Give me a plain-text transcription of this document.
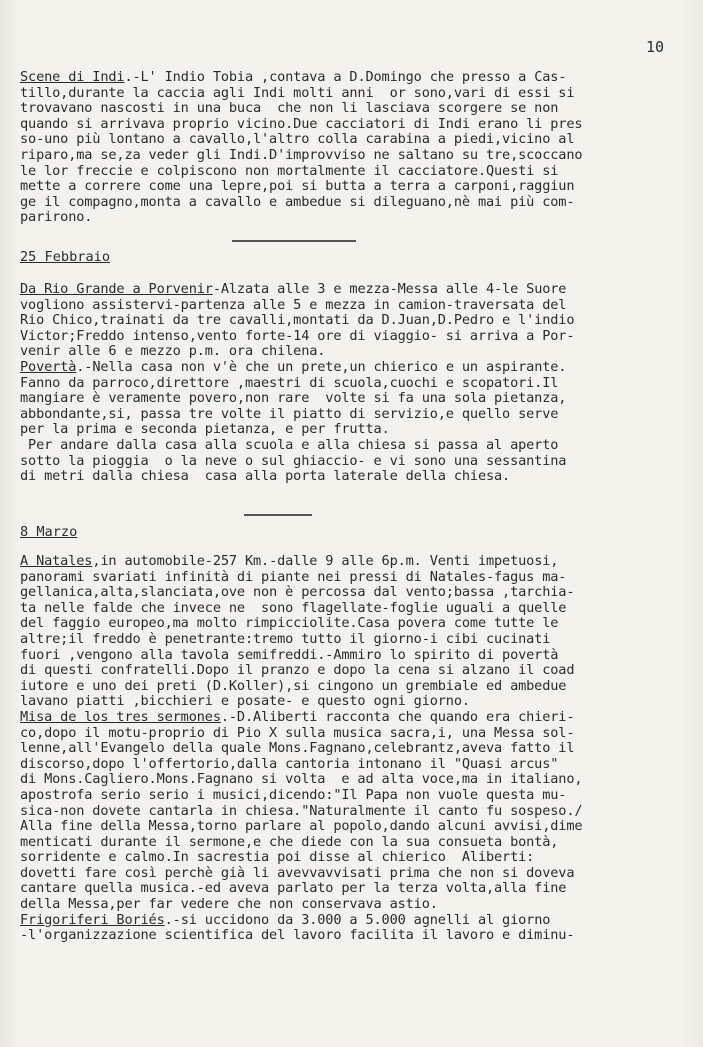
10
Scene di Indi.-L' Indio Tobia ,contava a D.Domingo che presso a Cas-
tillo,durante la caccia agli Indi molti anni  or sono,vari di essi si
trovavano nascosti in una buca  che non li lasciava scorgere se non
quando si arrivava proprio vicino.Due cacciatori di Indi erano li pres
so-uno più lontano a cavallo,l'altro colla carabina a piedi,vicino al
riparo,ma se,za veder gli Indi.D'improvviso ne saltano su tre,scoccano
le lor freccie e colpiscono non mortalmente il cacciatore.Questi si
mette a correre come una lepre,poi si butta a terra a carponi,raggiun
ge il compagno,monta a cavallo e ambedue si dileguano,nè mai più com-
parirono.
25 Febbraio
Da Rio Grande a Porvenir-Alzata alle 3 e mezza-Messa alle 4-le Suore
vogliono assistervi-partenza alle 5 e mezza in camion-traversata del
Rio Chico,trainati da tre cavalli,montati da D.Juan,D.Pedro e l'indio
Victor;Freddo intenso,vento forte-14 ore di viaggio- si arriva a Por-
venir alle 6 e mezzo p.m. ora chilena.
Povertà.-Nella casa non v'è che un prete,un chierico e un aspirante.
Fanno da parroco,direttore ,maestri di scuola,cuochi e scopatori.Il
mangiare è veramente povero,non rare  volte si fa una sola pietanza,
abbondante,si, passa tre volte il piatto di servizio,e quello serve
per la prima e seconda pietanza, e per frutta.
Per andare dalla casa alla scuola e alla chiesa si passa al aperto
sotto la pioggia  o la neve o sul ghiaccio- e vi sono una sessantina
di metri dalla chiesa  casa alla porta laterale della chiesa.
8 Marzo
A Natales,in automobile-257 Km.-dalle 9 alle 6p.m. Venti impetuosi,
panorami svariati infinità di piante nei pressi di Natales-fagus ma-
gellanica,alta,slanciata,ove non è percossa dal vento;bassa ,tarchia-
ta nelle falde che invece ne  sono flagellate-foglie uguali a quelle
del faggio europeo,ma molto rimpicciolite.Casa povera come tutte le
altre;il freddo è penetrante:tremo tutto il giorno-i cibi cucinati
fuori ,vengono alla tavola semifreddi.-Ammiro lo spirito di povertà
di questi confratelli.Dopo il pranzo e dopo la cena si alzano il coad
iutore e uno dei preti (D.Koller),si cingono un grembiale ed ambedue
lavano piatti ,bicchieri e posate- e questo ogni giorno.
Misa de los tres sermones.-D.Aliberti racconta che quando era chieri-
co,dopo il motu-proprio di Pio X sulla musica sacra,i, una Messa sol-
lenne,all'Evangelo della quale Mons.Fagnano,celebrantz,aveva fatto il
discorso,dopo l'offertorio,dalla cantoria intonano il "Quasi arcus"
di Mons.Cagliero.Mons.Fagnano si volta  e ad alta voce,ma in italiano,
apostrofa serio serio i musici,dicendo:"Il Papa non vuole questa mu-
sica-non dovete cantarla in chiesa."Naturalmente il canto fu sospeso./
Alla fine della Messa,torno parlare al popolo,dando alcuni avvisi,dime
menticati durante il sermone,e che diede con la sua consueta bontà,
sorridente e calmo.In sacrestia poi disse al chierico  Aliberti:
dovetti fare così perchè già li avevvavvisati prima che non si doveva
cantare quella musica.-ed aveva parlato per la terza volta,alla fine
della Messa,per far vedere che non conservava astio.
Frigoriferi Boriés.-si uccidono da 3.000 a 5.000 agnelli al giorno
-l'organizzazione scientifica del lavoro facilita il lavoro e diminu-
